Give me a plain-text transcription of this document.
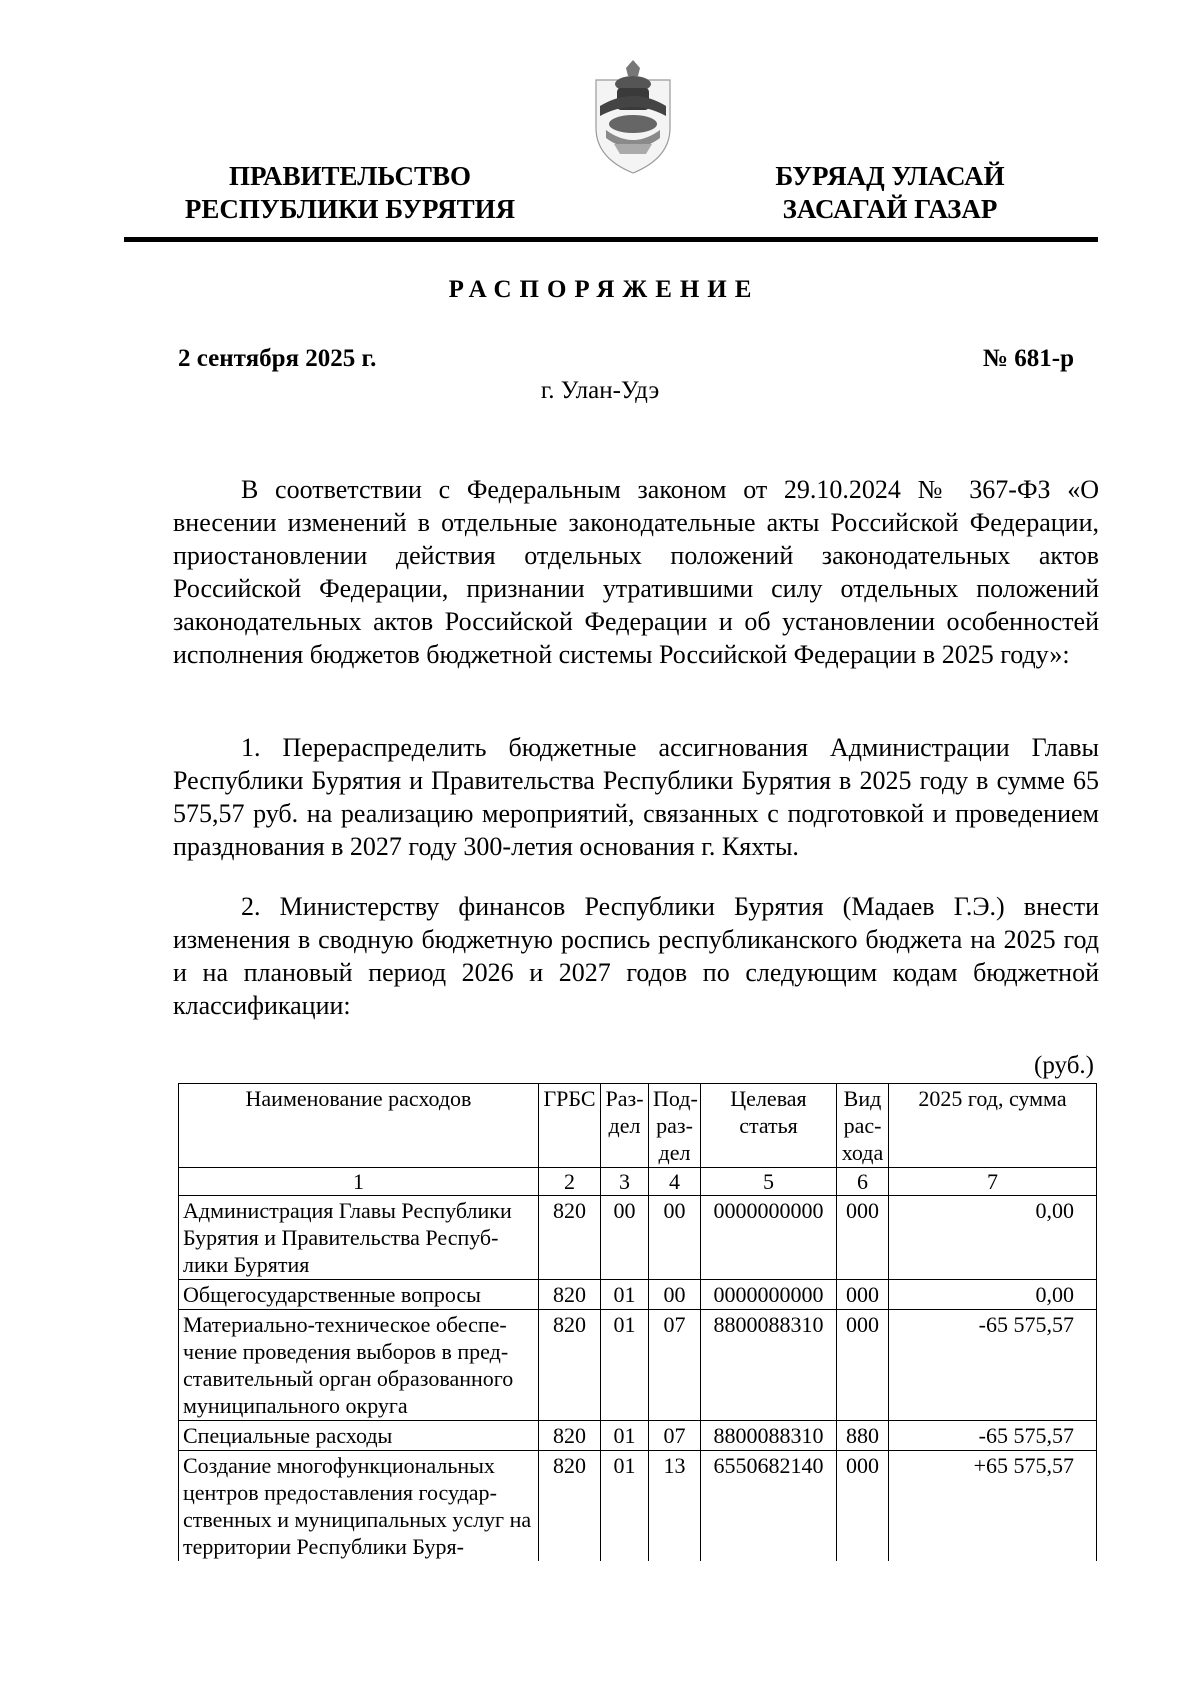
ПРАВИТЕЛЬСТВО
РЕСПУБЛИКИ БУРЯТИЯ
БУРЯАД УЛАСАЙ
ЗАСАГАЙ ГАЗАР
РАСПОРЯЖЕНИЕ
2 сентября 2025 г.	№ 681-р
г. Улан-Удэ
В соответствии с Федеральным законом от 29.10.2024 № 367-ФЗ «О внесении изменений в отдельные законодательные акты Российской Федерации, приостановлении действия отдельных положений законодательных актов Российской Федерации, признании утратившими силу отдельных положений законодательных актов Российской Федерации и об установлении особенностей исполнения бюджетов бюджетной системы Российской Федерации в 2025 году»:
1. Перераспределить бюджетные ассигнования Администрации Главы Республики Бурятия и Правительства Республики Бурятия в 2025 году в сумме 65 575,57 руб. на реализацию мероприятий, связанных с подготовкой и проведением празднования в 2027 году 300-летия основания г. Кяхты.
2. Министерству финансов Республики Бурятия (Мадаев Г.Э.) внести изменения в сводную бюджетную роспись республиканского бюджета на 2025 год и на плановый период 2026 и 2027 годов по следующим кодам бюджетной классификации:
(руб.)
Наименование расходов	ГРБС	Раздел	Подраздел	Целевая статья	Вид расхода	2025 год, сумма
1	2	3	4	5	6	7
Администрация Главы Республики Бурятия и Правительства Республики Бурятия	820	00	00	0000000000	000	0,00
Общегосударственные вопросы	820	01	00	0000000000	000	0,00
Материально-техническое обеспечение проведения выборов в представительный орган образованного муниципального округа	820	01	07	8800088310	000	-65 575,57
Специальные расходы	820	01	07	8800088310	880	-65 575,57
Создание многофункциональных центров предоставления государственных и муниципальных услуг на территории Республики Буря-	820	01	13	6550682140	000	+65 575,57
